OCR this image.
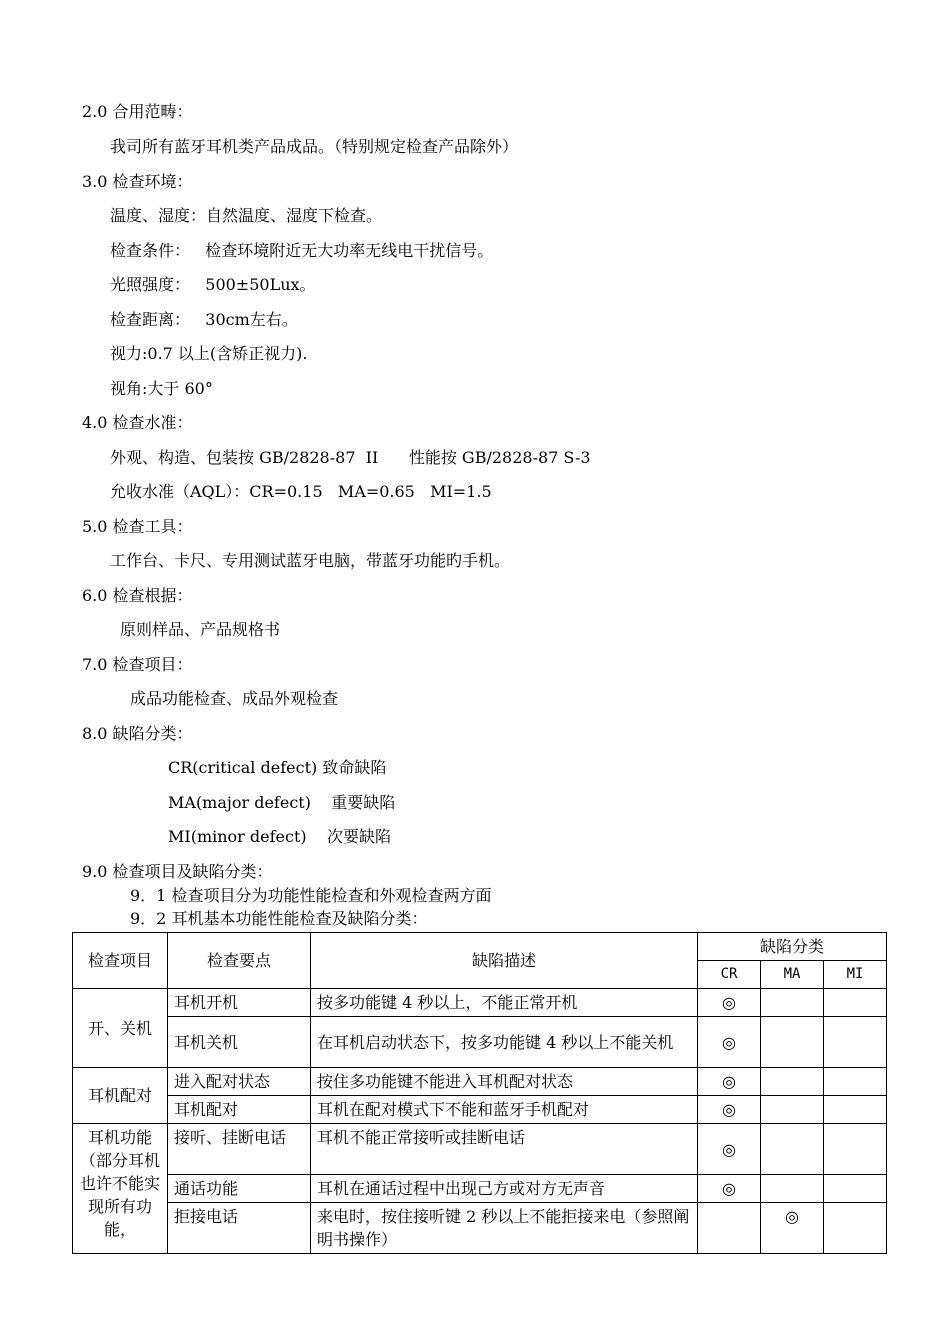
2.0 合用范畴：
我司所有蓝牙耳机类产品成品。（特别规定检查产品除外）
3.0 检查环境：
温度、湿度：自然温度、湿度下检查。
检查条件：   检查环境附近无大功率无线电干扰信号。
光照强度：   500±50Lux。
检查距离：   30cm左右。
视力:0.7 以上(含矫正视力).
视角:大于 60°
4.0 检查水准：
外观、构造、包装按 GB/2828-87  II      性能按 GB/2828-87 S-3
允收水准（AQL）：CR=0.15   MA=0.65   MI=1.5
5.0 检查工具：
工作台、卡尺、专用测试蓝牙电脑，带蓝牙功能旳手机。
6.0 检查根据：
原则样品、产品规格书
7.0 检查项目：
成品功能检查、成品外观检查
8.0 缺陷分类：
CR(critical defect) 致命缺陷
MA(major defect)    重要缺陷
MI(minor defect)    次要缺陷
9.0 检查项目及缺陷分类：
9．1 检查项目分为功能性能检查和外观检查两方面
9．2 耳机基本功能性能检查及缺陷分类：
检查项目	检查要点	缺陷描述	缺陷分类		
			CR	MA	MI
开、关机	耳机开机	按多功能键 4 秒以上，不能正常开机	◎		
	耳机关机	在耳机启动状态下，按多功能键 4 秒以上不能关机	◎		
耳机配对	进入配对状态	按住多功能键不能进入耳机配对状态	◎		
	耳机配对	耳机在配对模式下不能和蓝牙手机配对	◎		
耳机功能（部分耳机也许不能实现所有功能，	接听、挂断电话	耳机不能正常接听或挂断电话	◎		
	通话功能	耳机在通话过程中出现己方或对方无声音	◎		
	拒接电话	来电时，按住接听键 2 秒以上不能拒接来电（参照阐明书操作）		◎	
